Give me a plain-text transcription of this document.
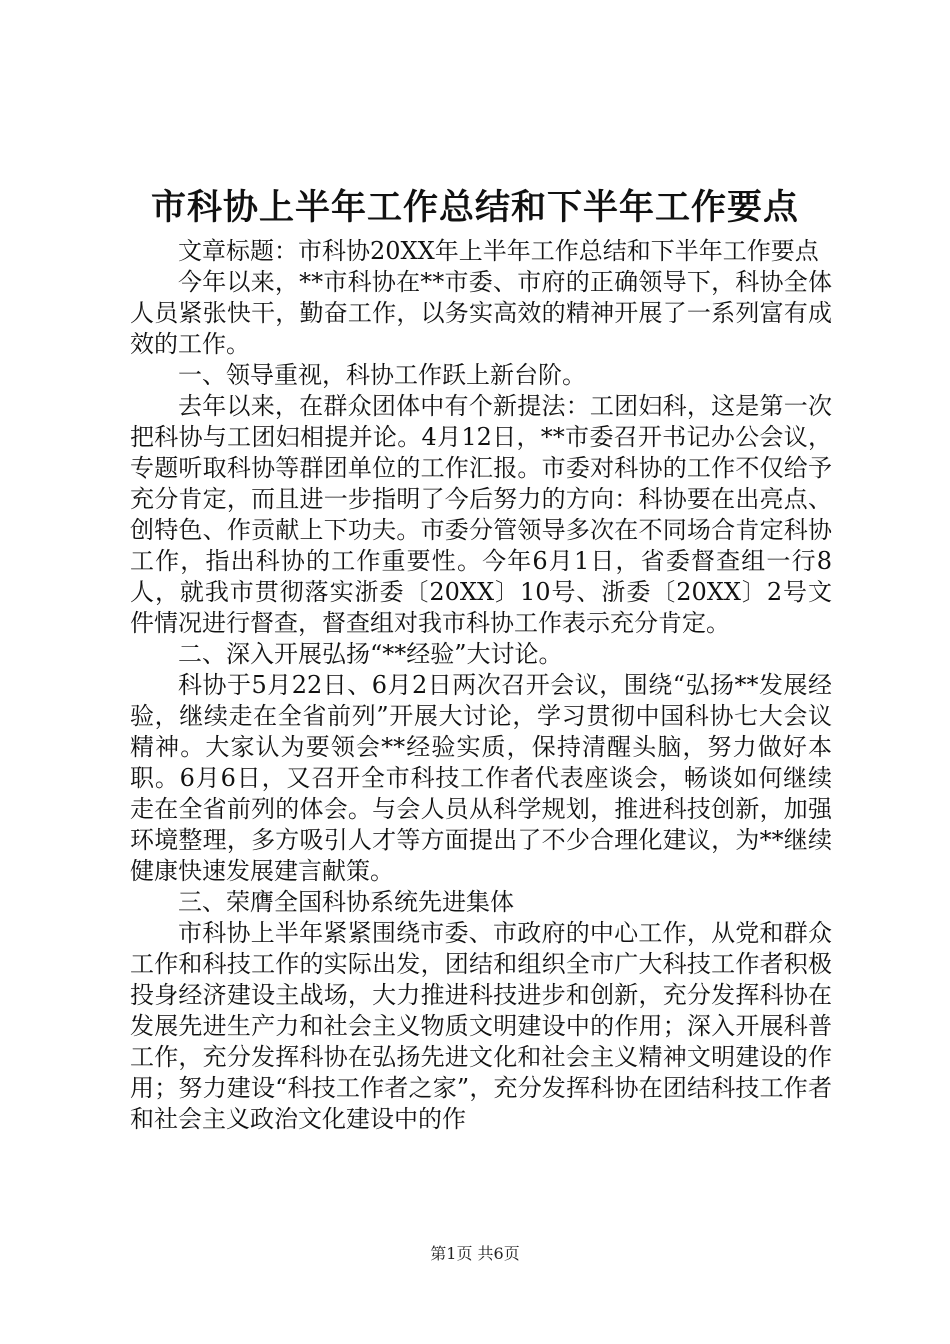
市科协上半年工作总结和下半年工作要点

文章标题：市科协20XX年上半年工作总结和下半年工作要点

今年以来，**市科协在**市委、市府的正确领导下，科协全体人员紧张快干，勤奋工作，以务实高效的精神开展了一系列富有成效的工作。

一、领导重视，科协工作跃上新台阶。

去年以来，在群众团体中有个新提法：工团妇科，这是第一次把科协与工团妇相提并论。4月12日，**市委召开书记办公会议，专题听取科协等群团单位的工作汇报。市委对科协的工作不仅给予充分肯定，而且进一步指明了今后努力的方向：科协要在出亮点、创特色、作贡献上下功夫。市委分管领导多次在不同场合肯定科协工作，指出科协的工作重要性。今年6月1日，省委督查组一行8人，就我市贯彻落实浙委〔20XX〕10号、浙委〔20XX〕2号文件情况进行督查，督查组对我市科协工作表示充分肯定。

二、深入开展弘扬“**经验”大讨论。

科协于5月22日、6月2日两次召开会议，围绕“弘扬**发展经验，继续走在全省前列”开展大讨论，学习贯彻中国科协七大会议精神。大家认为要领会**经验实质，保持清醒头脑，努力做好本职。6月6日，又召开全市科技工作者代表座谈会，畅谈如何继续走在全省前列的体会。与会人员从科学规划，推进科技创新，加强环境整理，多方吸引人才等方面提出了不少合理化建议，为**继续健康快速发展建言献策。

三、荣膺全国科协系统先进集体

市科协上半年紧紧围绕市委、市政府的中心工作，从党和群众工作和科技工作的实际出发，团结和组织全市广大科技工作者积极投身经济建设主战场，大力推进科技进步和创新，充分发挥科协在发展先进生产力和社会主义物质文明建设中的作用；深入开展科普工作，充分发挥科协在弘扬先进文化和社会主义精神文明建设的作用；努力建设“科技工作者之家”，充分发挥科协在团结科技工作者和社会主义政治文化建设中的作

第1页 共6页
